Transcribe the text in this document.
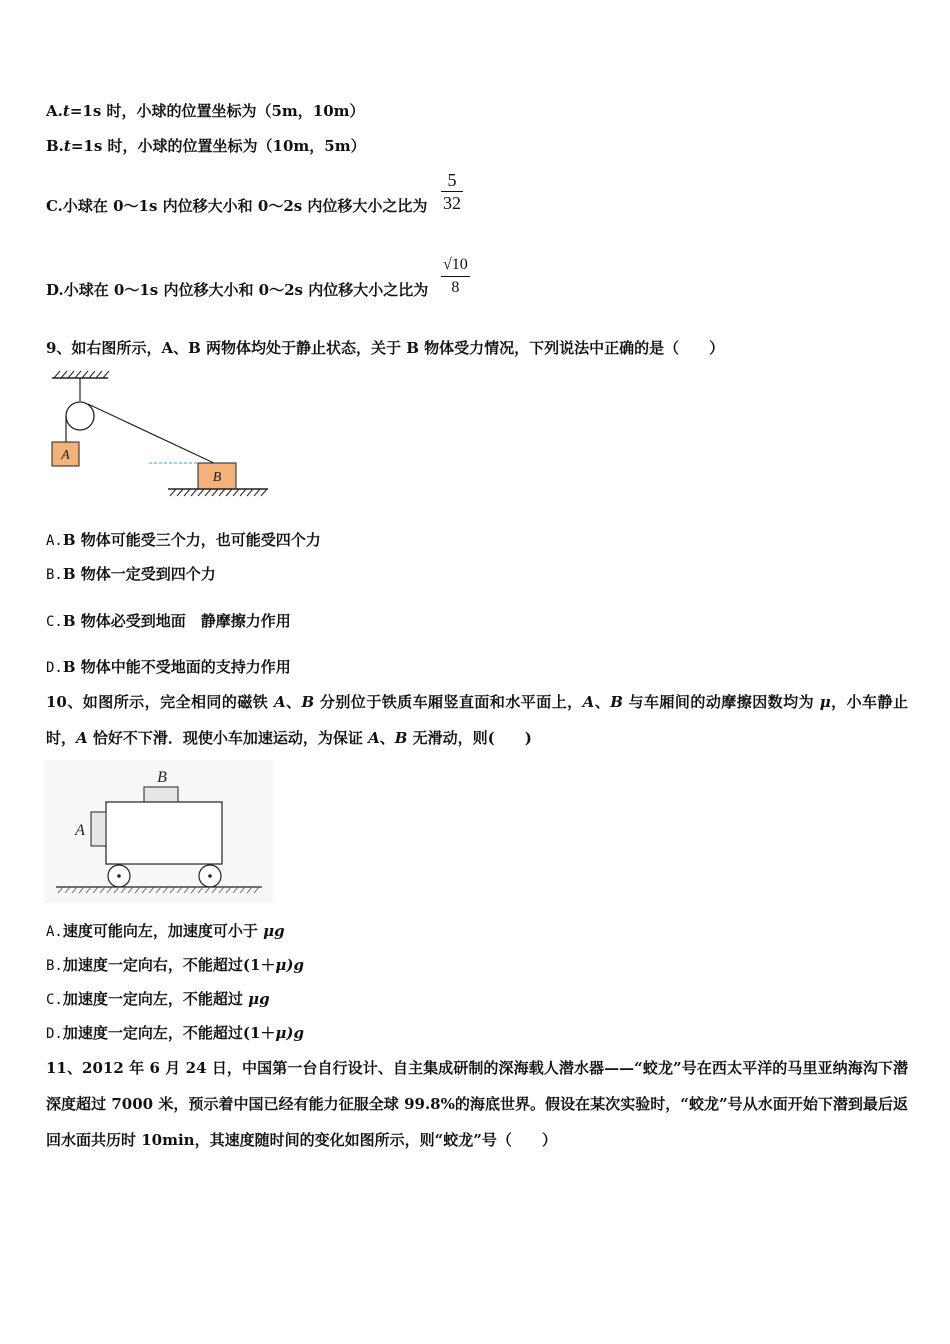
A.t=1s 时，小球的位置坐标为（5m，10m）
B.t=1s 时，小球的位置坐标为（10m，5m）
C.小球在 0～1s 内位移大小和 0～2s 内位移大小之比为
5
32
D.小球在 0～1s 内位移大小和 0～2s 内位移大小之比为
√10
8
9、如右图所示，A、B 两物体均处于静止状态，关于 B 物体受力情况，下列说法中正确的是（　　）
A
B
A.B 物体可能受三个力，也可能受四个力
B.B 物体一定受到四个力
C.B 物体必受到地面　静摩擦力作用
D.B 物体中能不受地面的支持力作用
10、如图所示，完全相同的磁铁 A、B 分别位于铁质车厢竖直面和水平面上，A、B 与车厢间的动摩擦因数均为 μ，小车静止时，A 恰好不下滑．现使小车加速运动，为保证 A、B 无滑动，则(　　)
B
A
A.速度可能向左，加速度可小于 μg
B.加速度一定向右，不能超过(1＋μ)g
C.加速度一定向左，不能超过 μg
D.加速度一定向左，不能超过(1＋μ)g
11、2012 年 6 月 24 日，中国第一台自行设计、自主集成研制的深海载人潜水器——“蛟龙”号在西太平洋的马里亚纳海沟下潜深度超过 7000 米，预示着中国已经有能力征服全球 99.8%的海底世界。假设在某次实验时，“蛟龙”号从水面开始下潜到最后返回水面共历时 10min，其速度随时间的变化如图所示，则“蛟龙”号（　　）
